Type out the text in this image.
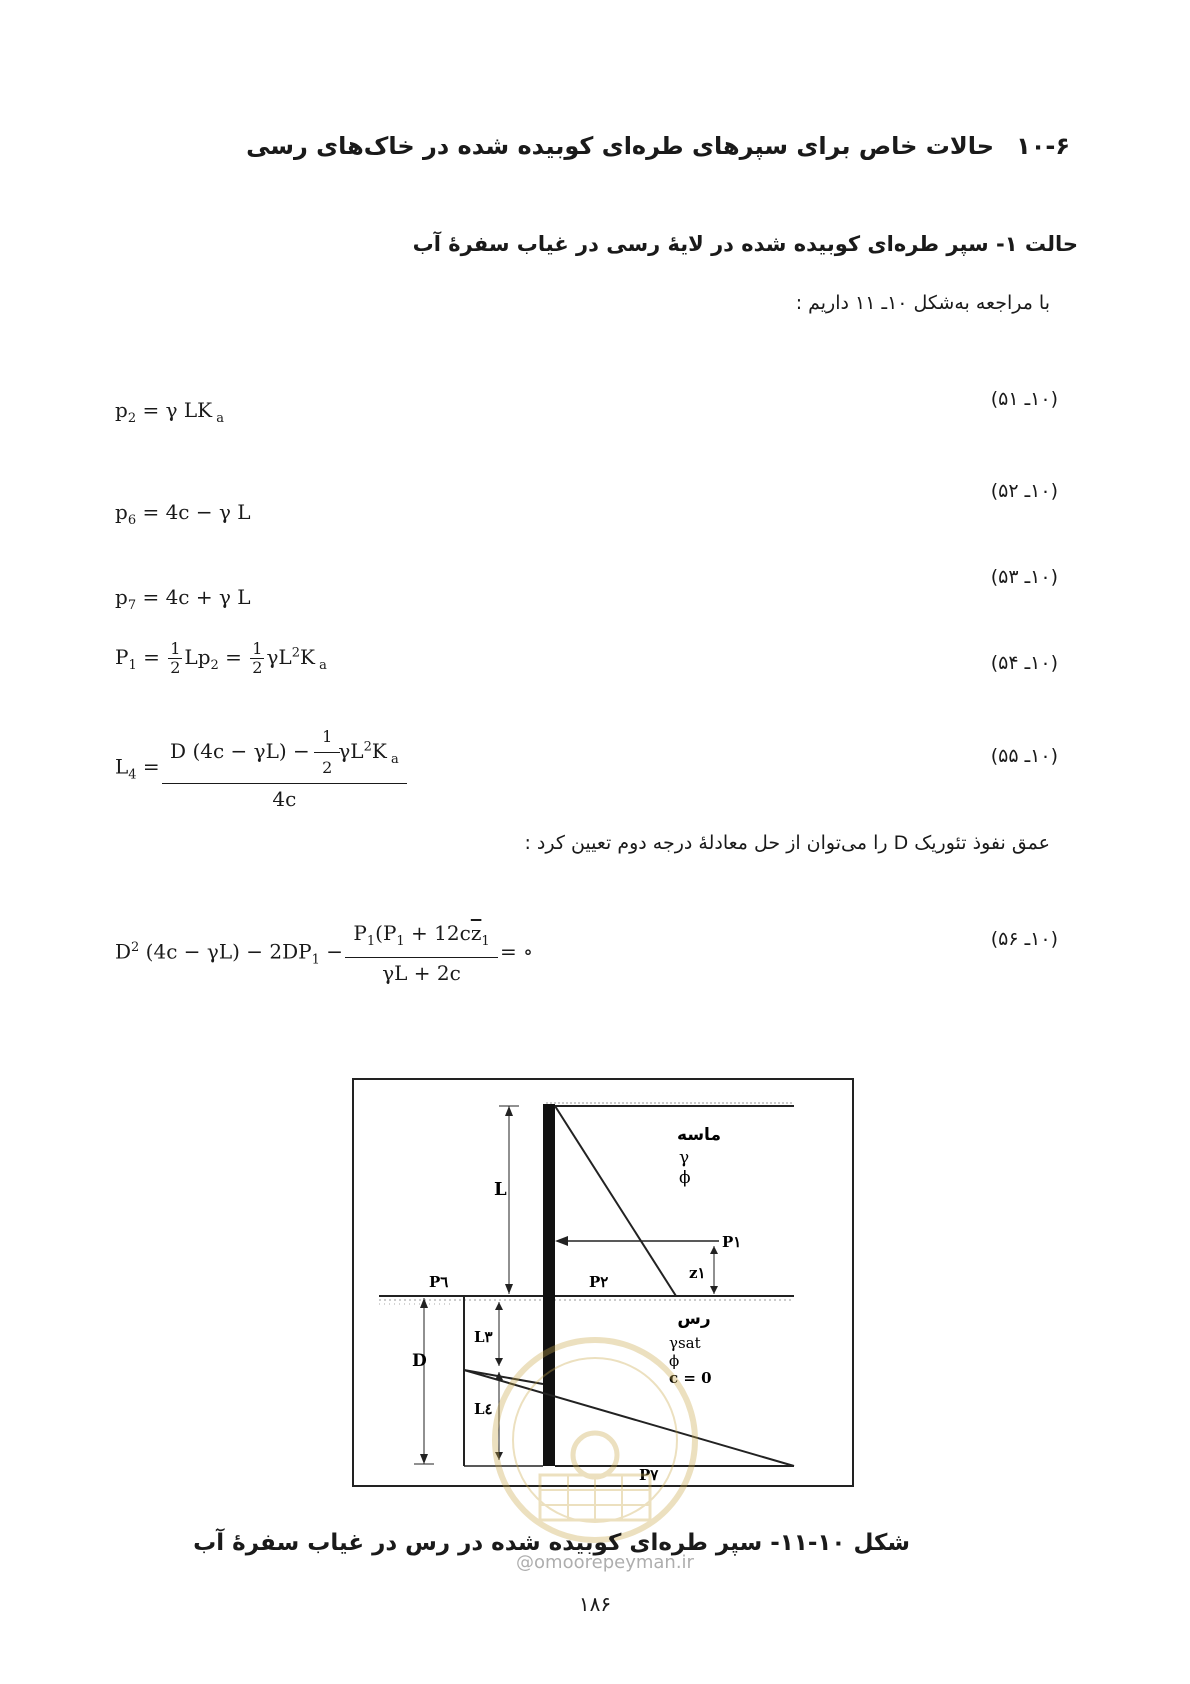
۱۰-۶حالات خاص برای سپرهای طره‌ای کوبیده شده در خاک‌های رسی
حالت ۱- سپر طره‌ای کوبیده شده در لایۀ رسی در غیاب سفرۀ آب
با مراجعه به‌شکل ۱۰ـ ۱۱ داریم :
(۱۰ـ ۵۱)
$p_2 = \gamma$ LK $_a$
(۱۰ـ ۵۲)
$p_6 = 4c - \gamma$ L
(۱۰ـ ۵۳)
$p_7 = 4c + \gamma$ L
(۱۰ـ ۵۴)
$P_1 = \frac{1}{2} Lp_2 = \frac{1}{2} \gamma L^2K$ $_a$
(۱۰ـ ۵۵)
$L_4 = \frac{D (4c - \gamma L) - \frac{1}{2} \gamma L^2K _a}{4c}$
عمق نفوذ تئوریک D را می‌توان از حل معادلۀ درجه دوم تعیین کرد :
(۱۰ـ ۵۶)
$D^2$ $(4c - \gamma L) - 2DP_1 - \frac{P_1(P_1 + 12c\overline{z}_1}{\gamma L + 2c}$ = ∘
ماسه
γ
ϕ
L
P۱
z۱
P۲
P٦
رس
γsat
ϕ
c = 0
D
L۳
L٤
P۷
@omoorepeyman.ir
شکل ۱۰-۱۱- سپر طره‌ای کوبیده شده در رس در غیاب سفرۀ آب
۱۸۶
